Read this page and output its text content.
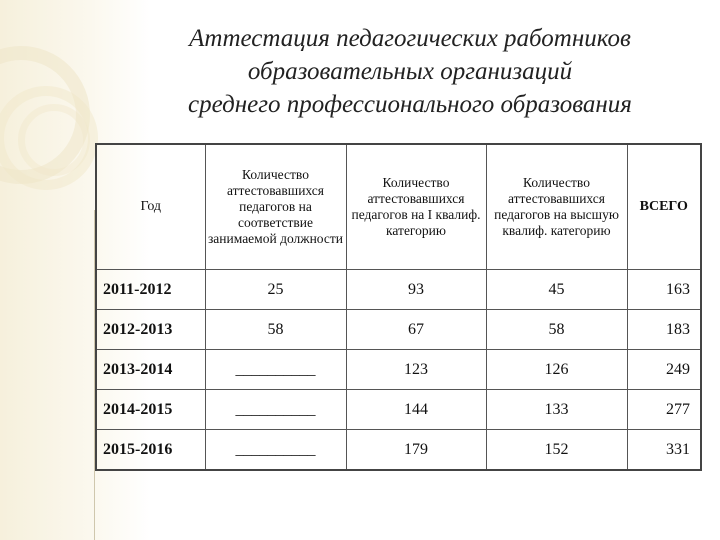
Аттестация педагогических работников
образовательных организаций
среднего профессионального образования
Год	Количество аттестовавшихся педагогов на соответствие занимаемой должности	Количество аттестовавшихся педагогов на I квалиф. категорию	Количество аттестовавшихся педагогов на высшую квалиф. категорию	ВСЕГО
2011-2012	25	93	45	163
2012-2013	58	67	58	183
2013-2014	__________	123	126	249
2014-2015	__________	144	133	277
2015-2016	__________	179	152	331
